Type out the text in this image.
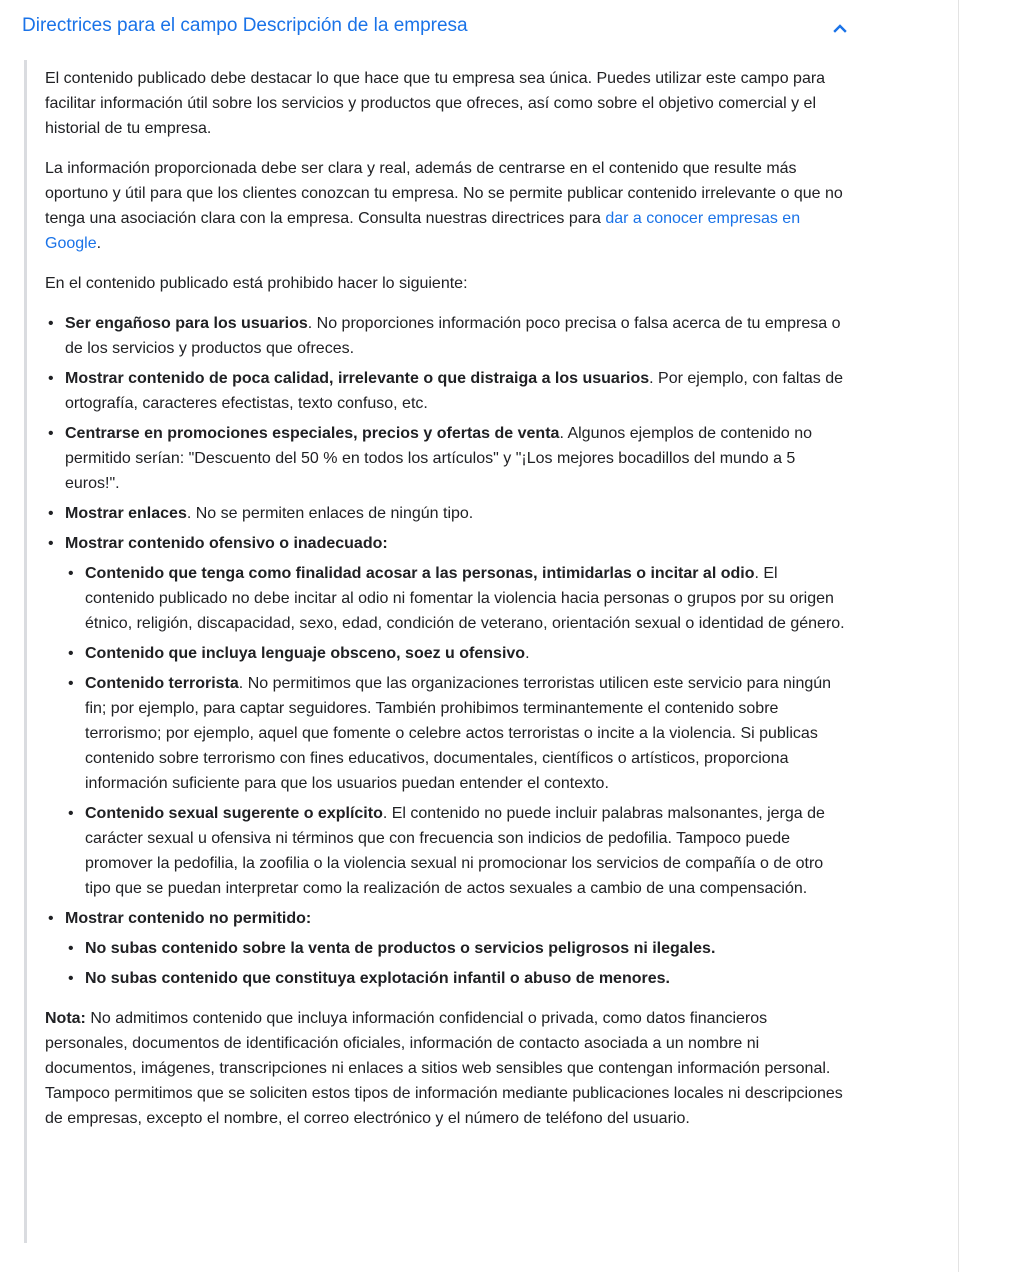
Directrices para el campo Descripción de la empresa

El contenido publicado debe destacar lo que hace que tu empresa sea única. Puedes utilizar este campo para facilitar información útil sobre los servicios y productos que ofreces, así como sobre el objetivo comercial y el historial de tu empresa.

La información proporcionada debe ser clara y real, además de centrarse en el contenido que resulte más oportuno y útil para que los clientes conozcan tu empresa. No se permite publicar contenido irrelevante o que no tenga una asociación clara con la empresa. Consulta nuestras directrices para dar a conocer empresas en Google.

En el contenido publicado está prohibido hacer lo siguiente:

• Ser engañoso para los usuarios. No proporciones información poco precisa o falsa acerca de tu empresa o de los servicios y productos que ofreces.
• Mostrar contenido de poca calidad, irrelevante o que distraiga a los usuarios. Por ejemplo, con faltas de ortografía, caracteres efectistas, texto confuso, etc.
• Centrarse en promociones especiales, precios y ofertas de venta. Algunos ejemplos de contenido no permitido serían: "Descuento del 50 % en todos los artículos" y "¡Los mejores bocadillos del mundo a 5 euros!".
• Mostrar enlaces. No se permiten enlaces de ningún tipo.
• Mostrar contenido ofensivo o inadecuado:
• Contenido que tenga como finalidad acosar a las personas, intimidarlas o incitar al odio. El contenido publicado no debe incitar al odio ni fomentar la violencia hacia personas o grupos por su origen étnico, religión, discapacidad, sexo, edad, condición de veterano, orientación sexual o identidad de género.
• Contenido que incluya lenguaje obsceno, soez u ofensivo.
• Contenido terrorista. No permitimos que las organizaciones terroristas utilicen este servicio para ningún fin; por ejemplo, para captar seguidores. También prohibimos terminantemente el contenido sobre terrorismo; por ejemplo, aquel que fomente o celebre actos terroristas o incite a la violencia. Si publicas contenido sobre terrorismo con fines educativos, documentales, científicos o artísticos, proporciona información suficiente para que los usuarios puedan entender el contexto.
• Contenido sexual sugerente o explícito. El contenido no puede incluir palabras malsonantes, jerga de carácter sexual u ofensiva ni términos que con frecuencia son indicios de pedofilia. Tampoco puede promover la pedofilia, la zoofilia o la violencia sexual ni promocionar los servicios de compañía o de otro tipo que se puedan interpretar como la realización de actos sexuales a cambio de una compensación.
• Mostrar contenido no permitido:
• No subas contenido sobre la venta de productos o servicios peligrosos ni ilegales.
• No subas contenido que constituya explotación infantil o abuso de menores.

Nota: No admitimos contenido que incluya información confidencial o privada, como datos financieros personales, documentos de identificación oficiales, información de contacto asociada a un nombre ni documentos, imágenes, transcripciones ni enlaces a sitios web sensibles que contengan información personal. Tampoco permitimos que se soliciten estos tipos de información mediante publicaciones locales ni descripciones de empresas, excepto el nombre, el correo electrónico y el número de teléfono del usuario.
